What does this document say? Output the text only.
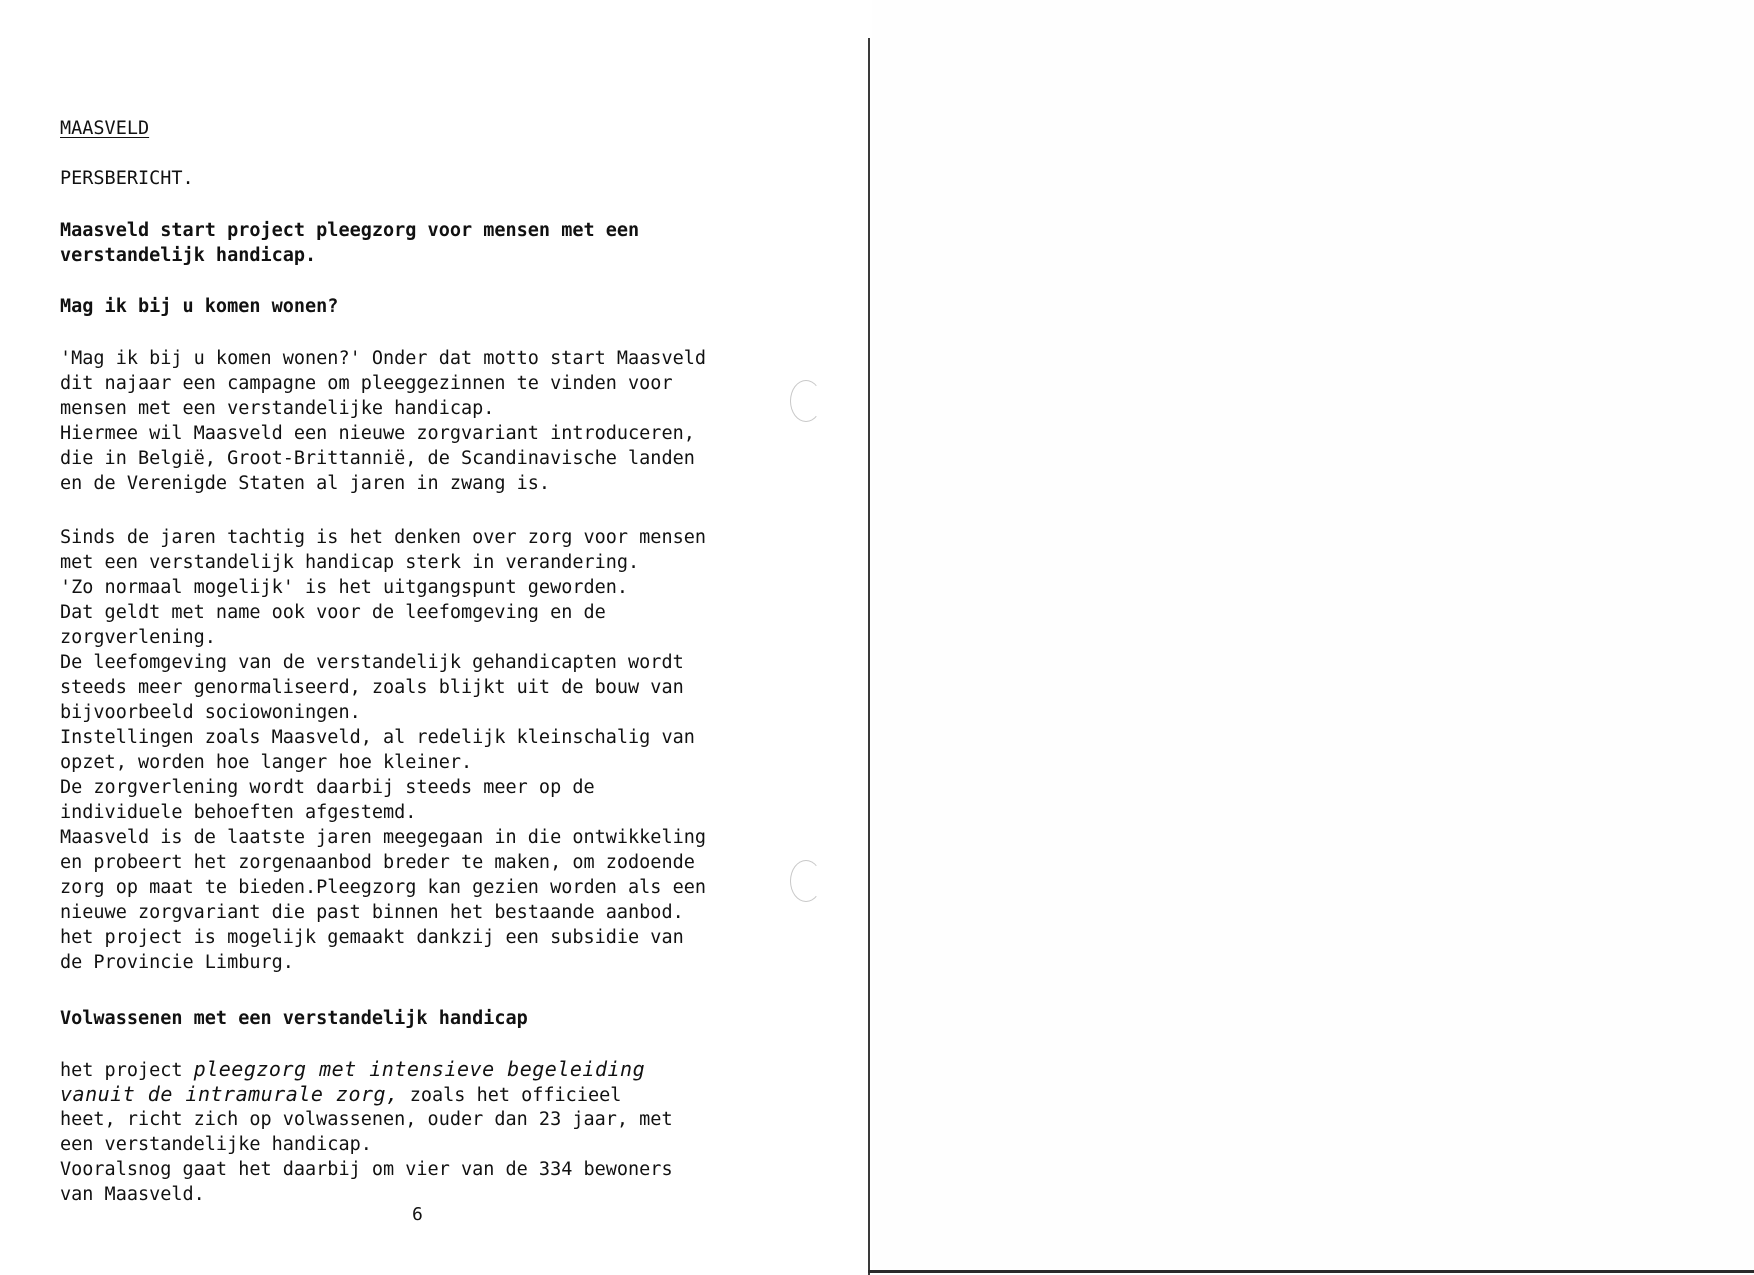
MAASVELD

PERSBERICHT.

Maasveld start project pleegzorg voor mensen met een

verstandelijk handicap.

Mag ik bij u komen wonen?

'Mag ik bij u komen wonen?' Onder dat motto start Maasveld

dit najaar een campagne om pleeggezinnen te vinden voor

mensen met een verstandelijke handicap.

Hiermee wil Maasveld een nieuwe zorgvariant introduceren,

die in België, Groot-Brittannië, de Scandinavische landen

en de Verenigde Staten al jaren in zwang is.

Sinds de jaren tachtig is het denken over zorg voor mensen

met een verstandelijk handicap sterk in verandering.

'Zo normaal mogelijk' is het uitgangspunt geworden.

Dat geldt met name ook voor de leefomgeving en de

zorgverlening.

De leefomgeving van de verstandelijk gehandicapten wordt

steeds meer genormaliseerd, zoals blijkt uit de bouw van

bijvoorbeeld sociowoningen.

Instellingen zoals Maasveld, al redelijk kleinschalig van

opzet, worden hoe langer hoe kleiner.

De zorgverlening wordt daarbij steeds meer op de

individuele behoeften afgestemd.

Maasveld is de laatste jaren meegegaan in die ontwikkeling

en probeert het zorgenaanbod breder te maken, om zodoende

zorg op maat te bieden.Pleegzorg kan gezien worden als een

nieuwe zorgvariant die past binnen het bestaande aanbod.

het project is mogelijk gemaakt dankzij een subsidie van

de Provincie Limburg.

Volwassenen met een verstandelijk handicap

het project pleegzorg met intensieve begeleiding

vanuit de intramurale zorg, zoals het officieel

heet, richt zich op volwassenen, ouder dan 23 jaar, met

een verstandelijke handicap.

Vooralsnog gaat het daarbij om vier van de 334 bewoners

van Maasveld.

6
